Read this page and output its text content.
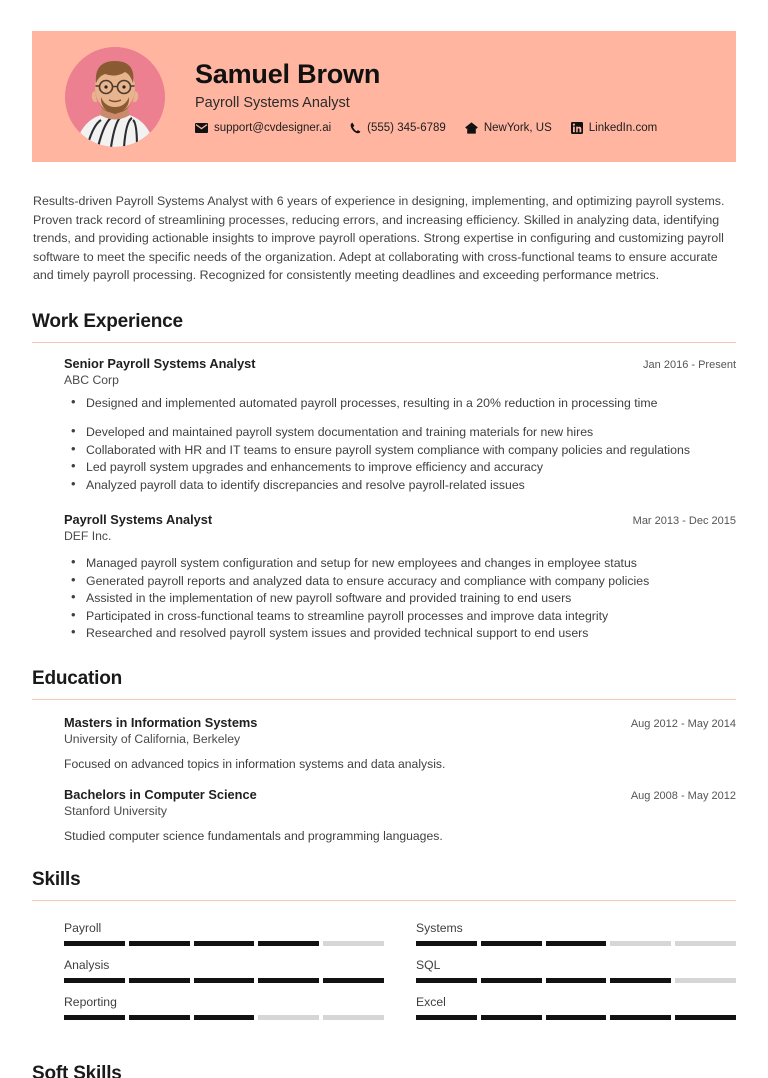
Samuel Brown
Payroll Systems Analyst
support@cvdesigner.ai	(555) 345-6789	NewYork, US	LinkedIn.com
Results-driven Payroll Systems Analyst with 6 years of experience in designing, implementing, and optimizing payroll systems. Proven track record of streamlining processes, reducing errors, and increasing efficiency. Skilled in analyzing data, identifying trends, and providing actionable insights to improve payroll operations. Strong expertise in configuring and customizing payroll software to meet the specific needs of the organization. Adept at collaborating with cross-functional teams to ensure accurate and timely payroll processing. Recognized for consistently meeting deadlines and exceeding performance metrics.
Work Experience
Senior Payroll Systems Analyst	Jan 2016 - Present
ABC Corp
• Designed and implemented automated payroll processes, resulting in a 20% reduction in processing time
• Developed and maintained payroll system documentation and training materials for new hires
• Collaborated with HR and IT teams to ensure payroll system compliance with company policies and regulations
• Led payroll system upgrades and enhancements to improve efficiency and accuracy
• Analyzed payroll data to identify discrepancies and resolve payroll-related issues
Payroll Systems Analyst	Mar 2013 - Dec 2015
DEF Inc.
• Managed payroll system configuration and setup for new employees and changes in employee status
• Generated payroll reports and analyzed data to ensure accuracy and compliance with company policies
• Assisted in the implementation of new payroll software and provided training to end users
• Participated in cross-functional teams to streamline payroll processes and improve data integrity
• Researched and resolved payroll system issues and provided technical support to end users
Education
Masters in Information Systems	Aug 2012 - May 2014
University of California, Berkeley
Focused on advanced topics in information systems and data analysis.
Bachelors in Computer Science	Aug 2008 - May 2012
Stanford University
Studied computer science fundamentals and programming languages.
Skills
Payroll	Systems
Analysis	SQL
Reporting	Excel
Soft Skills
